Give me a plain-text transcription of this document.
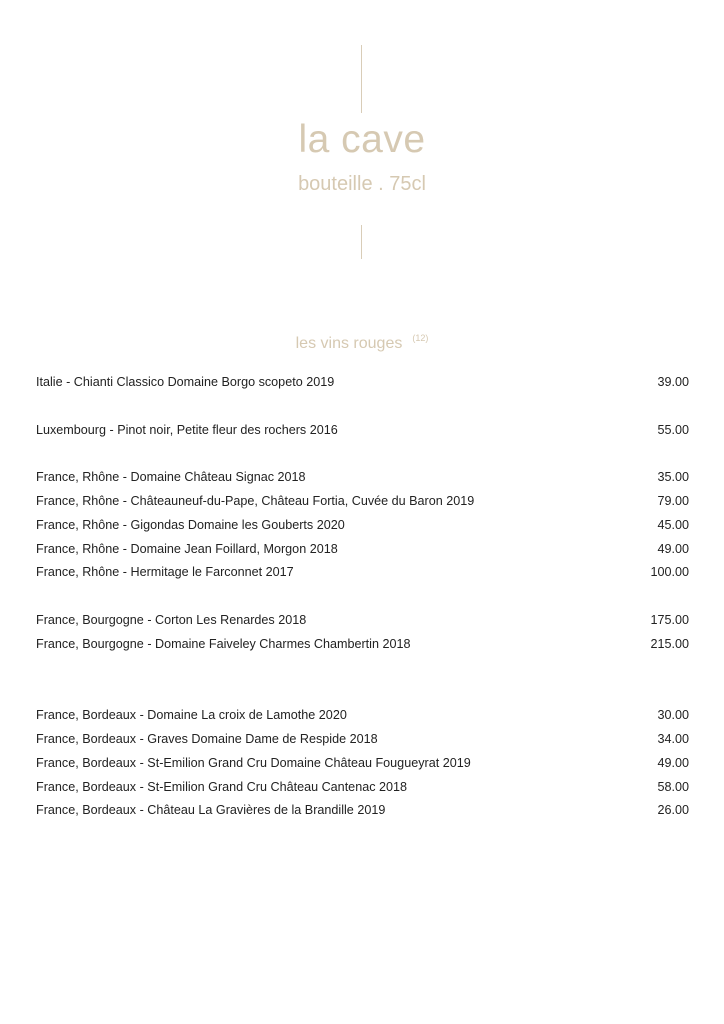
la cave
bouteille . 75cl
les vins rouges $^{(12)}$
Italie - Chianti Classico Domaine Borgo scopeto 2019	39.00
Luxembourg - Pinot noir, Petite fleur des rochers 2016	55.00
France, Rhône - Domaine Château Signac 2018	35.00
France, Rhône - Châteauneuf-du-Pape, Château Fortia, Cuvée du Baron 2019	79.00
France, Rhône - Gigondas Domaine les Gouberts 2020	45.00
France, Rhône - Domaine Jean Foillard, Morgon 2018	49.00
France, Rhône - Hermitage le Farconnet 2017	100.00
France, Bourgogne - Corton Les Renardes 2018	175.00
France, Bourgogne - Domaine Faiveley Charmes Chambertin 2018	215.00
France, Bordeaux - Domaine La croix de Lamothe 2020	30.00
France, Bordeaux - Graves Domaine Dame de Respide 2018	34.00
France, Bordeaux - St-Emilion Grand Cru Domaine Château Fougueyrat 2019	49.00
France, Bordeaux - St-Emilion Grand Cru Château Cantenac 2018	58.00
France, Bordeaux - Château La Gravières de la Brandille 2019	26.00
